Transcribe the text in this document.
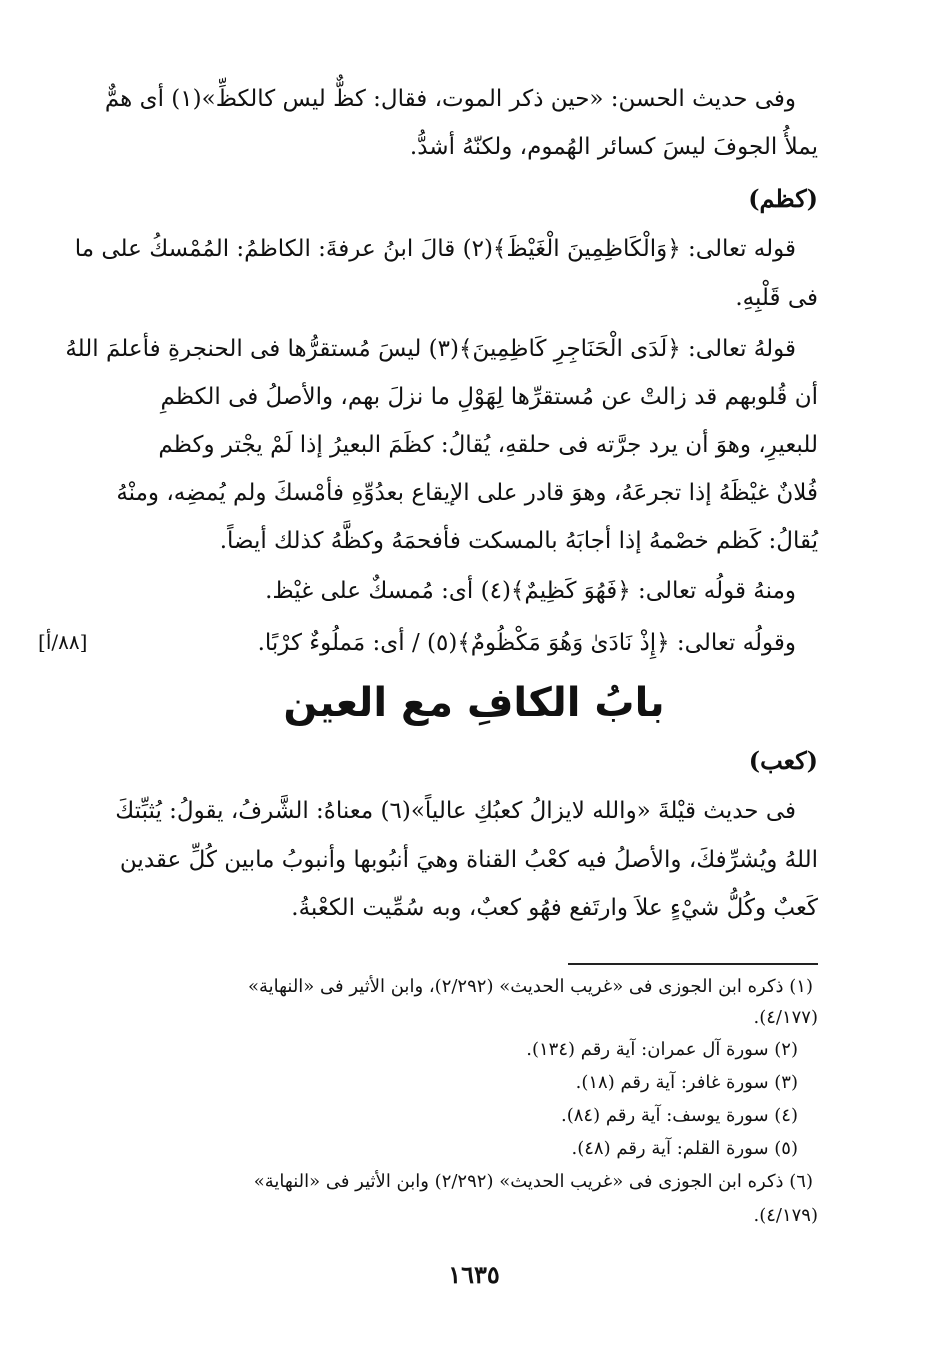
وفى حديث الحسن: «حين ذكر الموت، فقال: كظٌّ ليس كالكظِّ»(١) أى همٌّ
يملأُ الجوفَ ليسَ كسائر الهُموم، ولكنّهُ أشدُّ.
(كظم)
قوله تعالى: ﴿وَالْكَاظِمِينَ الْغَيْظَ﴾(٢) قالَ ابنُ عرفةَ: الكاظمُ: المُمْسكُ على ما
فى قَلْبِهِ.
قولهُ تعالى: ﴿لَدَى الْحَنَاجِرِ كَاظِمِينَ﴾(٣) ليسَ مُستقرُّها فى الحنجرةِ فأعلمَ اللهُ
أن قُلوبهم قد زالتْ عن مُستقرِّها لِهَوْلِ ما نزلَ بهم، والأصلُ فى الكظمِ
للبعيرِ، وهوَ أن يرد جرَّته فى حلقهِ، يُقالُ: كظَمَ البعيرُ إذا لَمْ يجْتر وكظم
فُلانٌ غيْظَهُ إذا تجرعَهُ، وهوَ قادر على الإيقاع بعدُوِّهِ فأمْسكَ ولم يُمضِه، ومنْهُ
يُقالُ: كَظم خصْمهُ إذا أجابَهُ بالمسكت فأفحمَهُ وكظَّهُ كذلك أيضاً.
ومنهُ قولُه تعالى: ﴿فَهُوَ كَظِيمٌ﴾(٤) أى: مُمسكٌ على غيْظ.
وقولُه تعالى: ﴿إِذْ نَادَىٰ وَهُوَ مَكْظُومٌ﴾(٥) / أى: مَملُوءٌ كرْبًا.
[٨٨/أ]
بابُ الكافِ مع العين
(كعب)
فى حديث قيْلةَ «والله لايزالُ كعبُكِ عالياً»(٦) معناهُ: الشَّرفُ، يقولُ: يُثبِّتكَ
اللهُ ويُشرِّفكَ، والأصلُ فيه كعْبُ القناة وهيَ أنبُوبها وأنبوبُ مابين كُلِّ عقدين
كَعبٌ وكُلُّ شيْءٍ علاَ وارتَفع فهُو كعبٌ، وبه سُمِّيت الكعْبةُ.
(١) ذكره ابن الجوزى فى «غريب الحديث» (٢/٢٩٢)، وابن الأثير فى «النهاية»
(٤/١٧٧).
(٢) سورة آل عمران: آية رقم (١٣٤).
(٣) سورة غافر: آية رقم (١٨).
(٤) سورة يوسف: آية رقم (٨٤).
(٥) سورة القلم: آية رقم (٤٨).
(٦) ذكره ابن الجوزى فى «غريب الحديث» (٢/٢٩٢) وابن الأثير فى «النهاية»
(٤/١٧٩).
١٦٣٥
